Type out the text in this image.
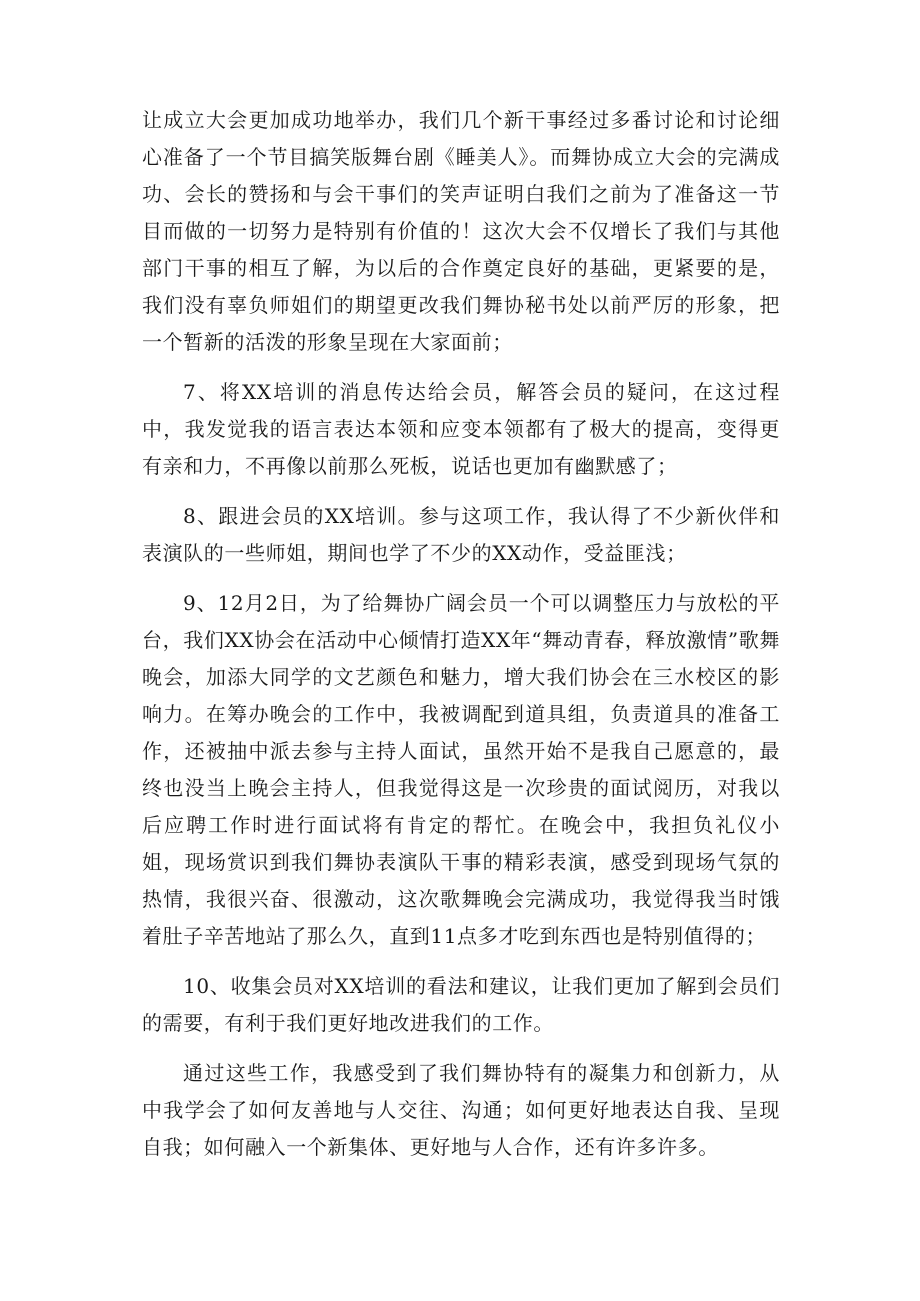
让成立大会更加成功地举办，我们几个新干事经过多番讨论和讨论细心准备了一个节目搞笑版舞台剧《睡美人》。而舞协成立大会的完满成功、会长的赞扬和与会干事们的笑声证明白我们之前为了准备这一节目而做的一切努力是特别有价值的！这次大会不仅增长了我们与其他部门干事的相互了解，为以后的合作奠定良好的基础，更紧要的是，我们没有辜负师姐们的期望更改我们舞协秘书处以前严厉的形象，把一个暂新的活泼的形象呈现在大家面前；

7、将XX培训的消息传达给会员，解答会员的疑问，在这过程中，我发觉我的语言表达本领和应变本领都有了极大的提高，变得更有亲和力，不再像以前那么死板，说话也更加有幽默感了；

8、跟进会员的XX培训。参与这项工作，我认得了不少新伙伴和表演队的一些师姐，期间也学了不少的XX动作，受益匪浅；

9、12月2日，为了给舞协广阔会员一个可以调整压力与放松的平台，我们XX协会在活动中心倾情打造XX年“舞动青春，释放激情”歌舞晚会，加添大同学的文艺颜色和魅力，增大我们协会在三水校区的影响力。在筹办晚会的工作中，我被调配到道具组，负责道具的准备工作，还被抽中派去参与主持人面试，虽然开始不是我自己愿意的，最终也没当上晚会主持人，但我觉得这是一次珍贵的面试阅历，对我以后应聘工作时进行面试将有肯定的帮忙。在晚会中，我担负礼仪小姐，现场赏识到我们舞协表演队干事的精彩表演，感受到现场气氛的热情，我很兴奋、很激动，这次歌舞晚会完满成功，我觉得我当时饿着肚子辛苦地站了那么久，直到11点多才吃到东西也是特别值得的；

10、收集会员对XX培训的看法和建议，让我们更加了解到会员们的需要，有利于我们更好地改进我们的工作。

通过这些工作，我感受到了我们舞协特有的凝集力和创新力，从中我学会了如何友善地与人交往、沟通；如何更好地表达自我、呈现自我；如何融入一个新集体、更好地与人合作，还有许多许多。
